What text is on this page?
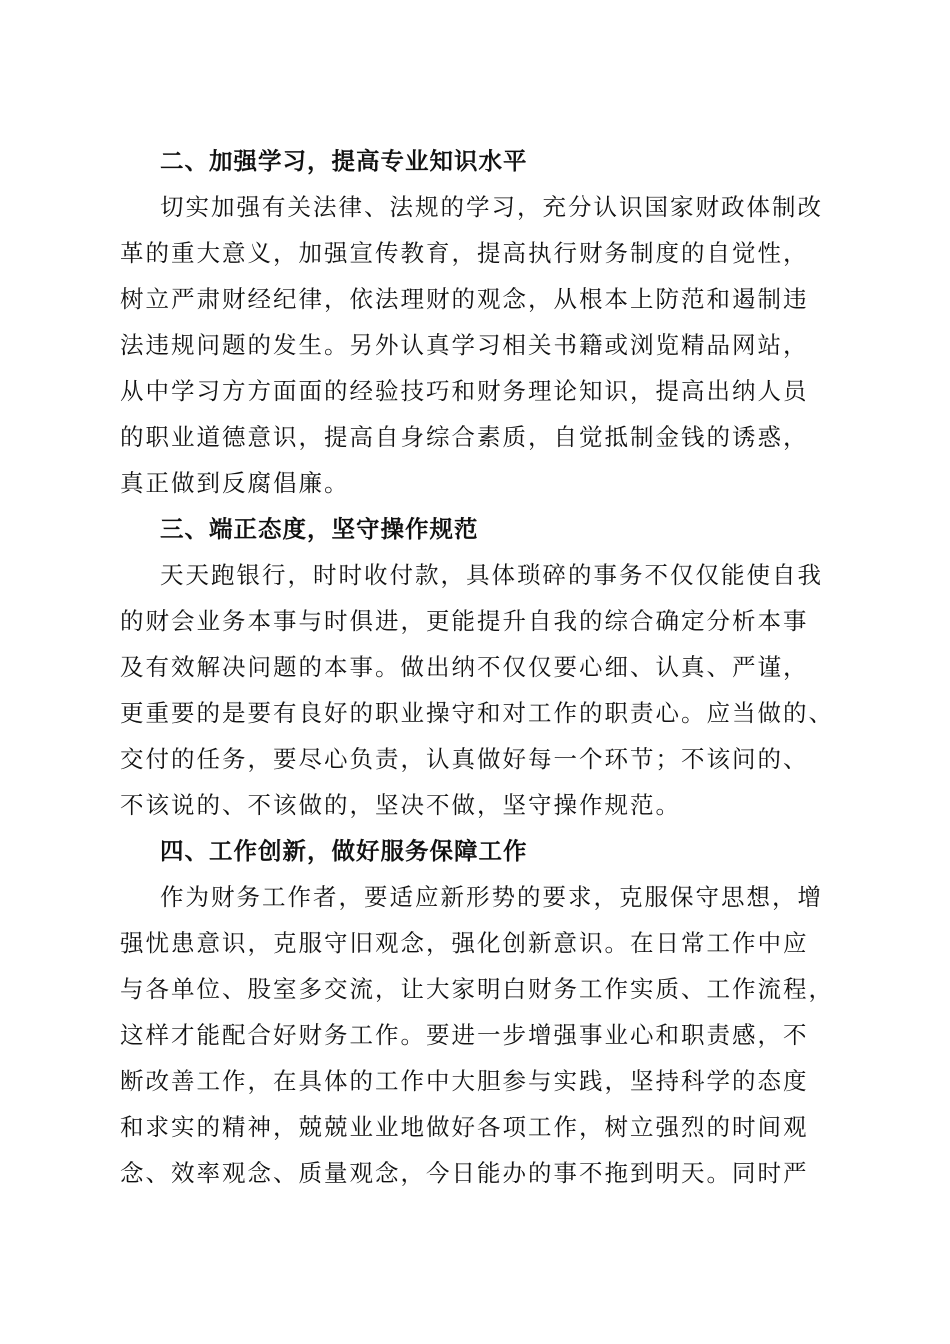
二、加强学习，提高专业知识水平
切实加强有关法律、法规的学习，充分认识国家财政体制改
革的重大意义，加强宣传教育，提高执行财务制度的自觉性，
树立严肃财经纪律，依法理财的观念，从根本上防范和遏制违
法违规问题的发生。另外认真学习相关书籍或浏览精品网站，
从中学习方方面面的经验技巧和财务理论知识，提高出纳人员
的职业道德意识，提高自身综合素质，自觉抵制金钱的诱惑，
真正做到反腐倡廉。
三、端正态度，坚守操作规范
天天跑银行，时时收付款，具体琐碎的事务不仅仅能使自我
的财会业务本事与时俱进，更能提升自我的综合确定分析本事
及有效解决问题的本事。做出纳不仅仅要心细、认真、严谨，
更重要的是要有良好的职业操守和对工作的职责心。应当做的、
交付的任务，要尽心负责，认真做好每一个环节；不该问的、
不该说的、不该做的，坚决不做，坚守操作规范。
四、工作创新，做好服务保障工作
作为财务工作者，要适应新形势的要求，克服保守思想，增
强忧患意识，克服守旧观念，强化创新意识。在日常工作中应
与各单位、股室多交流，让大家明白财务工作实质、工作流程，
这样才能配合好财务工作。要进一步增强事业心和职责感，不
断改善工作，在具体的工作中大胆参与实践，坚持科学的态度
和求实的精神，兢兢业业地做好各项工作，树立强烈的时间观
念、效率观念、质量观念，今日能办的事不拖到明天。同时严
